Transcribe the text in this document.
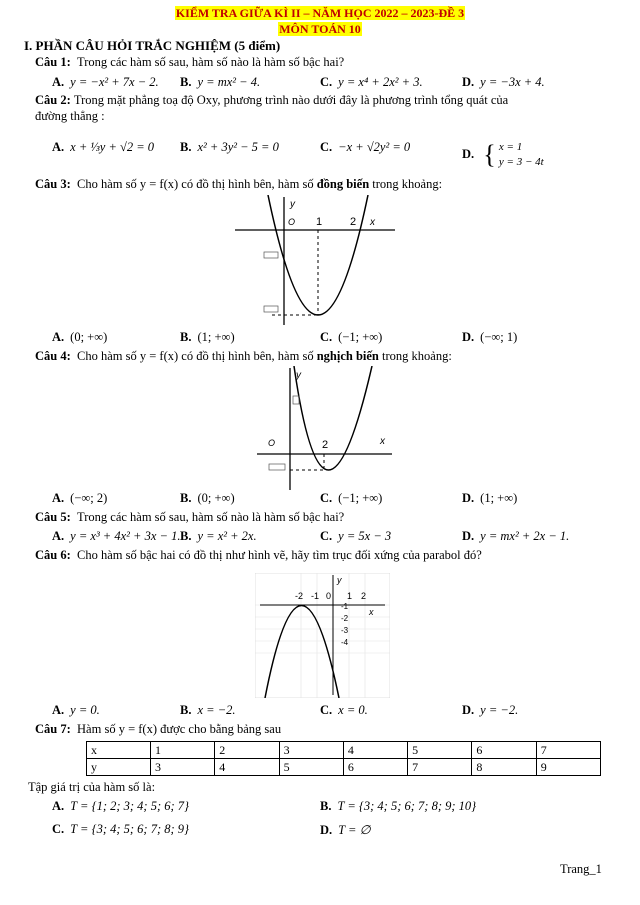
KIỂM TRA GIỮA KÌ II – NĂM HỌC 2022 – 2023-ĐỀ 3
MÔN TOÁN 10
I. PHẦN CÂU HỎI TRẮC NGHIỆM (5 điểm)
Câu 1: Trong các hàm số sau, hàm số nào là hàm số bậc hai?
A. y = −x² + 7x − 2. B. y = mx² − 4.	C. y = x⁴ + 2x² + 3.	D. y = −3x + 4.
Câu 2: Trong mặt phẳng toạ độ Oxy, phương trình nào dưới đây là phương trình tổng quát của
đường thẳng :
A. x + ⅓y + √2 = 0 B. x² + 3y² − 5 = 0	C. −x + √2y² = 0	D. { x = 1
y = 3 − 4t
Câu 3: Cho hàm số y = f(x) có đồ thị hình bên, hàm số đồng biến trong khoảng:
y
O 1	2 x
A. (0; +∞)	B. (1; +∞)	C. (−1; +∞)	D. (−∞; 1)
Câu 4: Cho hàm số y = f(x) có đồ thị hình bên, hàm số nghịch biến trong khoảng:
y
O	2	x
A. (−∞; 2)	B. (0; +∞)	C. (−1; +∞)	D. (1; +∞)
Câu 5: Trong các hàm số sau, hàm số nào là hàm số bậc hai?
A. y = x³ + 4x² + 3x − 1. B. y = x² + 2x.	C. y = 5x − 3	D. y = mx² + 2x − 1.
Câu 6: Cho hàm số bậc hai có đồ thị như hình vẽ, hãy tìm trục đối xứng của parabol đó?
y
x
-2 -1 0 1 2
-1
-2
-3
-4
A. y = 0.	B. x = −2.	C. x = 0.	D. y = −2.
Câu 7: Hàm số y = f(x) được cho bằng bảng sau
x	1	2	3	4	5	6	7
y	3	4	5	6	7	8	9
Tập giá trị của hàm số là:
A. T = {1; 2; 3; 4; 5; 6; 7}	B. T = {3; 4; 5; 6; 7; 8; 9; 10}
C. T = {3; 4; 5; 6; 7; 8; 9}	D. T = ∅
Trang_1
